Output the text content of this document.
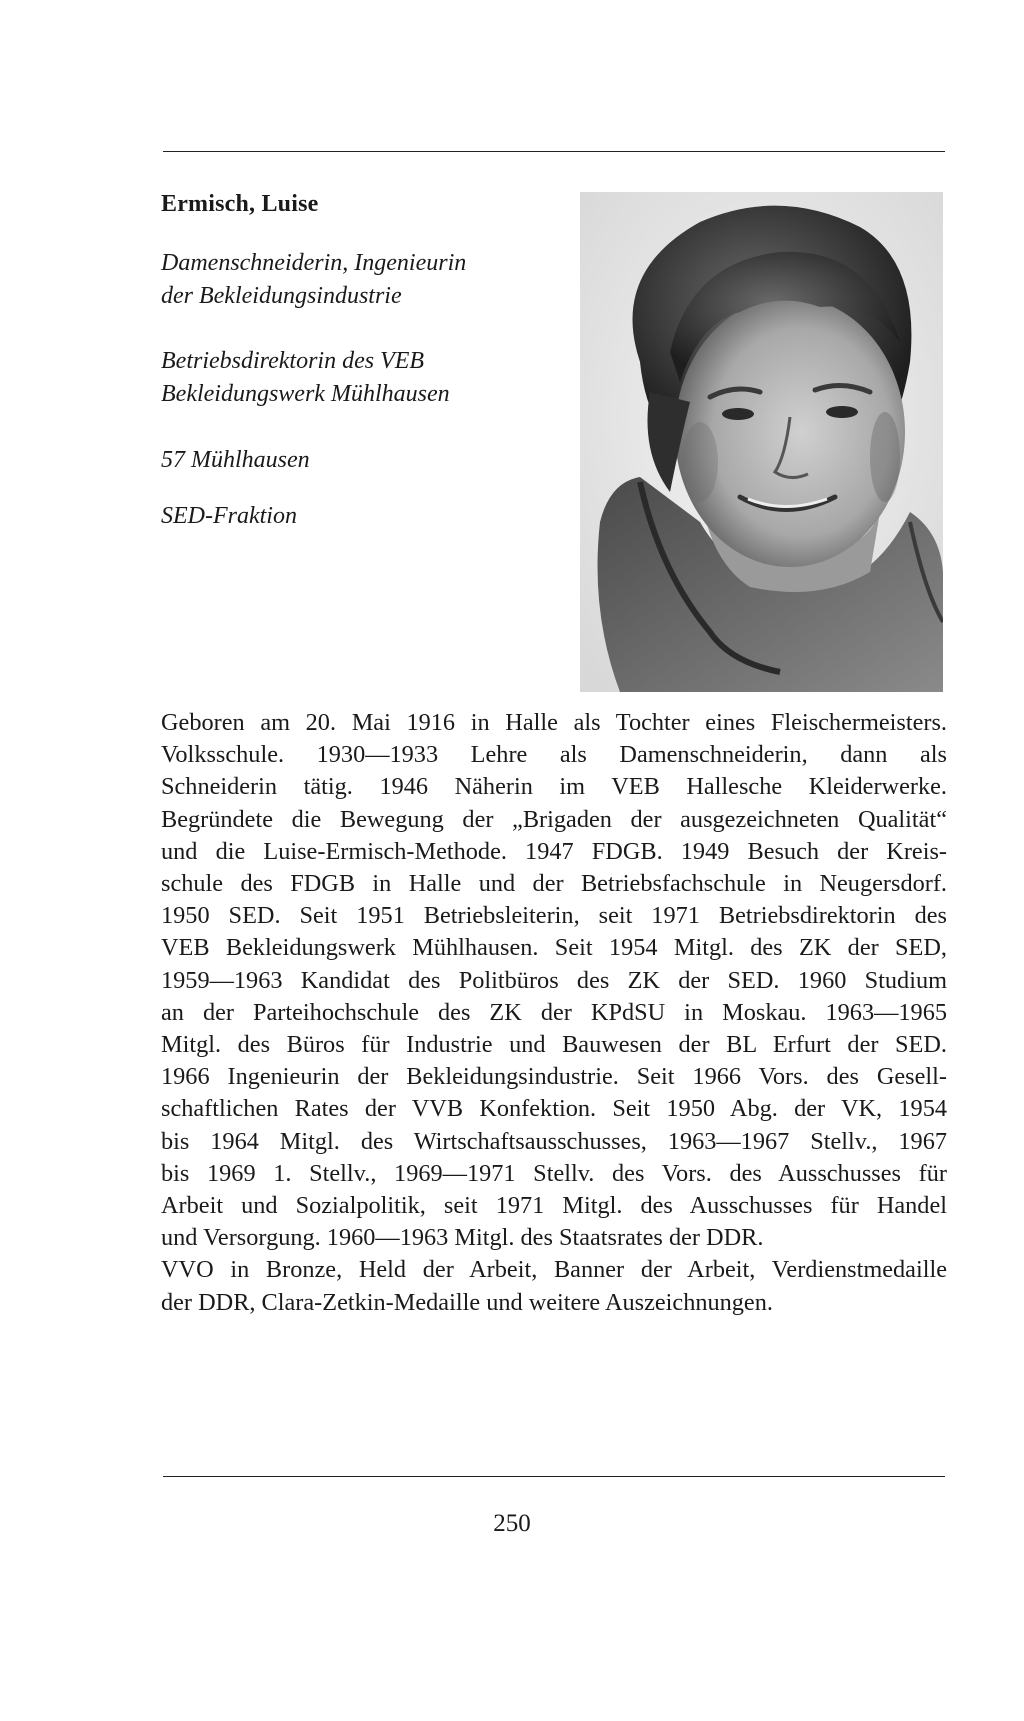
Ermisch, Luise
Damenschneiderin, Ingenieurin
der Bekleidungsindustrie
Betriebsdirektorin des VEB
Bekleidungswerk Mühlhausen
57 Mühlhausen
SED-Fraktion
Geboren am 20. Mai 1916 in Halle als Tochter eines Fleischermeisters.
Volksschule. 1930—1933 Lehre als Damenschneiderin, dann als
Schneiderin tätig. 1946 Näherin im VEB Hallesche Kleiderwerke.
Begründete die Bewegung der „Brigaden der ausgezeichneten Qualität“
und die Luise-Ermisch-Methode. 1947 FDGB. 1949 Besuch der Kreis-
schule des FDGB in Halle und der Betriebsfachschule in Neugersdorf.
1950 SED. Seit 1951 Betriebsleiterin, seit 1971 Betriebsdirektorin des
VEB Bekleidungswerk Mühlhausen. Seit 1954 Mitgl. des ZK der SED,
1959—1963 Kandidat des Politbüros des ZK der SED. 1960 Studium
an der Parteihochschule des ZK der KPdSU in Moskau. 1963—1965
Mitgl. des Büros für Industrie und Bauwesen der BL Erfurt der SED.
1966 Ingenieurin der Bekleidungsindustrie. Seit 1966 Vors. des Gesell-
schaftlichen Rates der VVB Konfektion. Seit 1950 Abg. der VK, 1954
bis 1964 Mitgl. des Wirtschaftsausschusses, 1963—1967 Stellv., 1967
bis 1969 1. Stellv., 1969—1971 Stellv. des Vors. des Ausschusses für
Arbeit und Sozialpolitik, seit 1971 Mitgl. des Ausschusses für Handel
und Versorgung. 1960—1963 Mitgl. des Staatsrates der DDR.
VVO in Bronze, Held der Arbeit, Banner der Arbeit, Verdienstmedaille
der DDR, Clara-Zetkin-Medaille und weitere Auszeichnungen.
250
